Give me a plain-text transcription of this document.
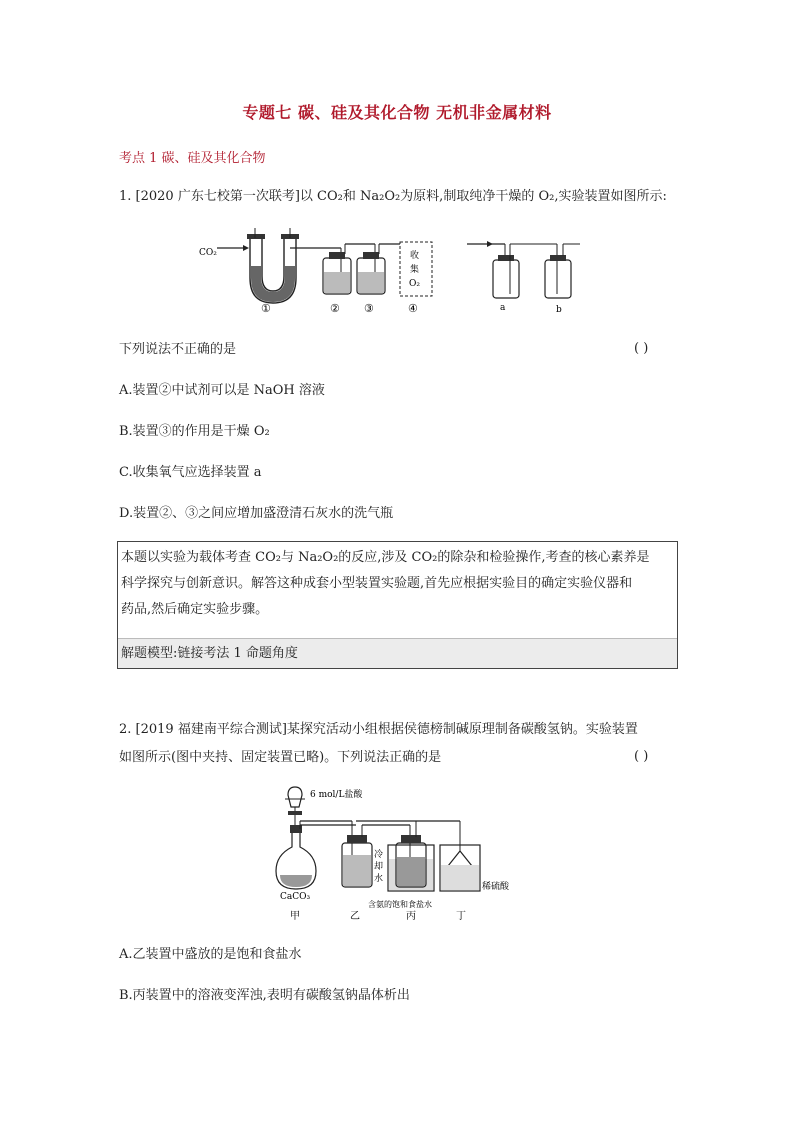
专题七 碳、硅及其化合物 无机非金属材料
考点 1 碳、硅及其化合物
1. [2020 广东七校第一次联考]以 CO₂和 Na₂O₂为原料,制取纯净干燥的 O₂,实验装置如图所示:
CO₂	收
集
O₂
①	② ③	④	a	b
下列说法不正确的是	( )
A.装置②中试剂可以是 NaOH 溶液
B.装置③的作用是干燥 O₂
C.收集氧气应选择装置 a
D.装置②、③之间应增加盛澄清石灰水的洗气瓶
本题以实验为载体考查 CO₂与 Na₂O₂的反应,涉及 CO₂的除杂和检验操作,考查的核心素养是
科学探究与创新意识。解答这种成套小型装置实验题,首先应根据实验目的确定实验仪器和
药品,然后确定实验步骤。
解题模型:链接考法 1 命题角度
2. [2019 福建南平综合测试]某探究活动小组根据侯德榜制碱原理制备碳酸氢钠。实验装置
如图所示(图中夹持、固定装置已略)。下列说法正确的是	( )
6 mol/L盐酸
CaCO₃
冷
却
水
含氨的饱和食盐水
稀硫酸
甲	乙	丙	丁
A.乙装置中盛放的是饱和食盐水
B.丙装置中的溶液变浑浊,表明有碳酸氢钠晶体析出
